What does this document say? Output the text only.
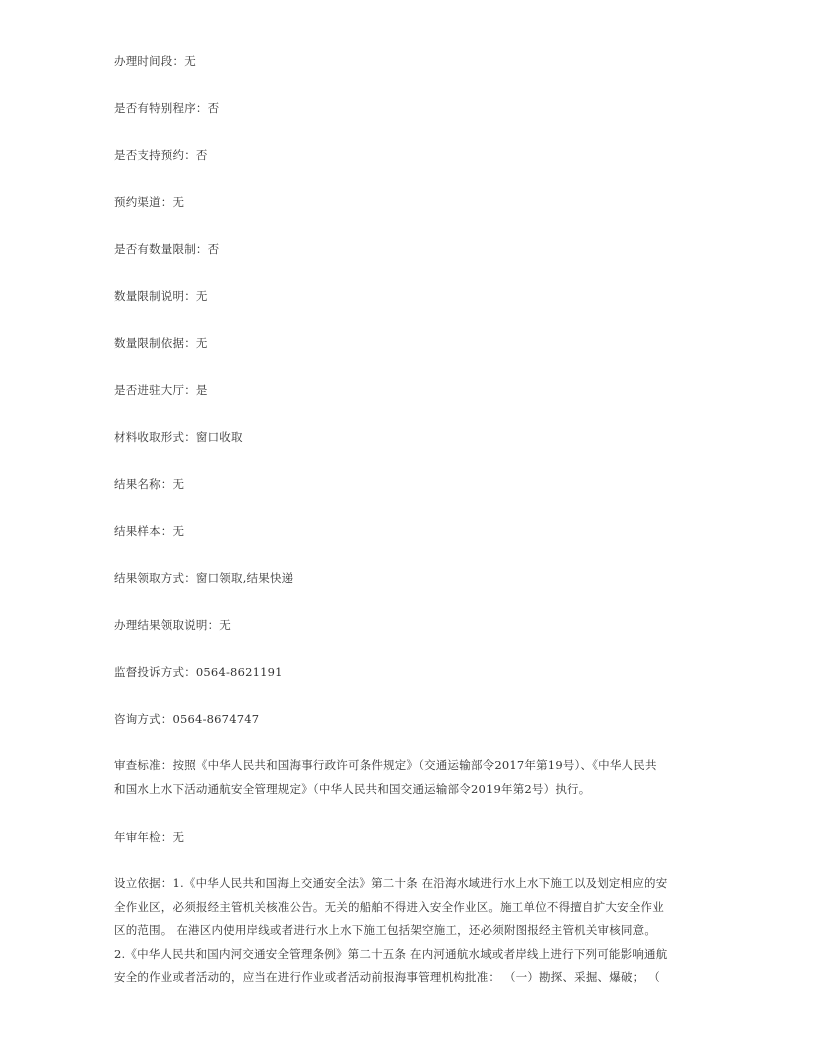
办理时间段：无
是否有特别程序：否
是否支持预约：否
预约渠道：无
是否有数量限制：否
数量限制说明：无
数量限制依据：无
是否进驻大厅：是
材料收取形式：窗口收取
结果名称：无
结果样本：无
结果领取方式：窗口领取,结果快递
办理结果领取说明：无
监督投诉方式：0564-8621191
咨询方式：0564-8674747

审查标准：按照《中华人民共和国海事行政许可条件规定》（交通运输部令2017年第19号）、《中华人民共

和国水上水下活动通航安全管理规定》（中华人民共和国交通运输部令2019年第2号）执行。

年审年检：无

设立依据：1.《中华人民共和国海上交通安全法》第二十条 在沿海水域进行水上水下施工以及划定相应的安

全作业区，必须报经主管机关核准公告。无关的船舶不得进入安全作业区。施工单位不得擅自扩大安全作业

区的范围。 在港区内使用岸线或者进行水上水下施工包括架空施工，还必须附图报经主管机关审核同意。

2.《中华人民共和国内河交通安全管理条例》第二十五条 在内河通航水域或者岸线上进行下列可能影响通航

安全的作业或者活动的，应当在进行作业或者活动前报海事管理机构批准： （一）勘探、采掘、爆破； （
